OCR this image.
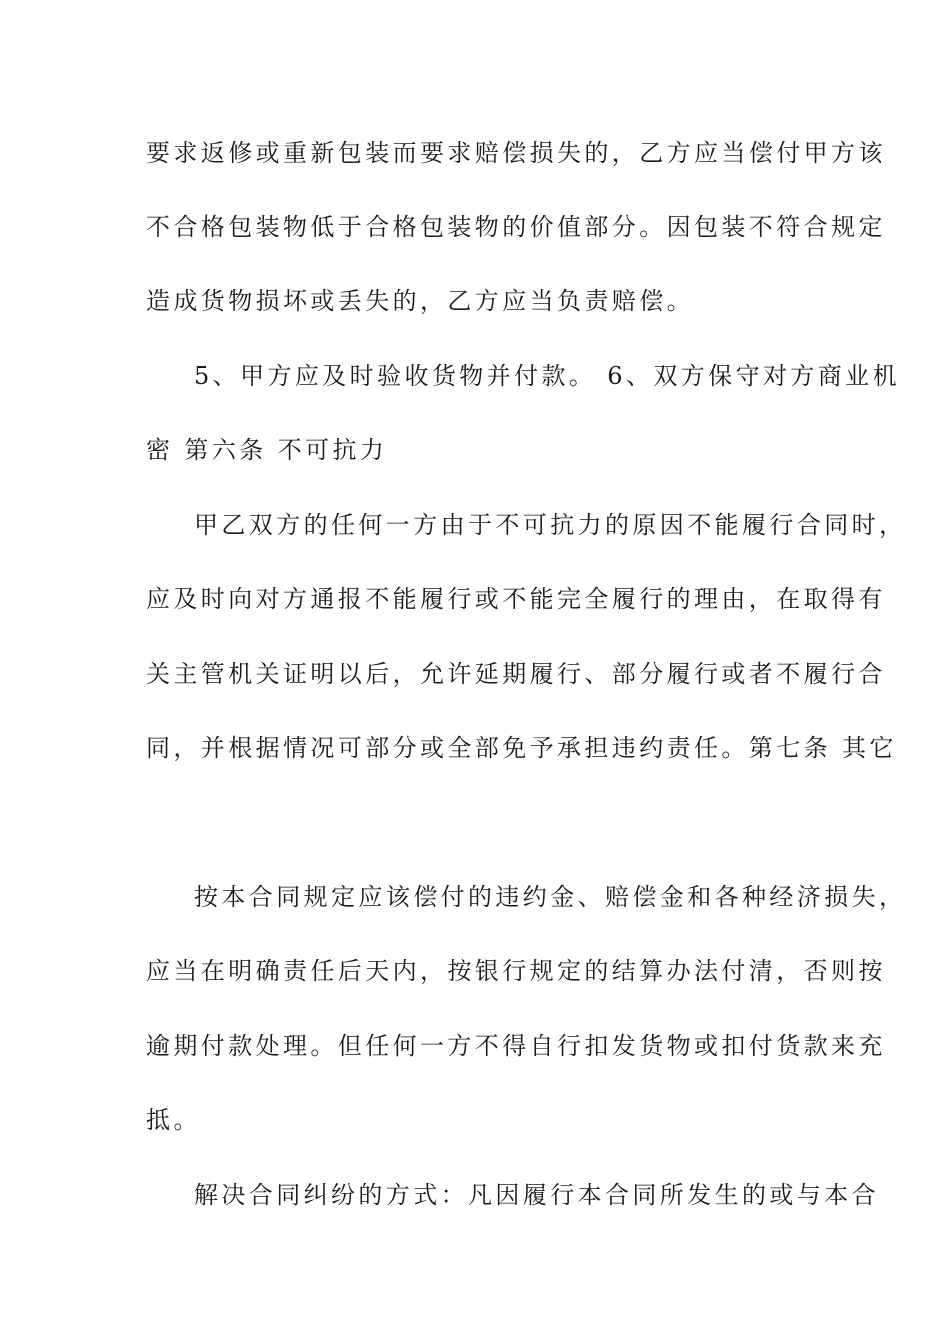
要求返修或重新包装而要求赔偿损失的，乙方应当偿付甲方该

不合格包装物低于合格包装物的价值部分。因包装不符合规定

造成货物损坏或丢失的，乙方应当负责赔偿。

5、甲方应及时验收货物并付款。 6、双方保守对方商业机

密 第六条 不可抗力

甲乙双方的任何一方由于不可抗力的原因不能履行合同时，

应及时向对方通报不能履行或不能完全履行的理由，在取得有

关主管机关证明以后，允许延期履行、部分履行或者不履行合

同，并根据情况可部分或全部免予承担违约责任。第七条 其它

按本合同规定应该偿付的违约金、赔偿金和各种经济损失，

应当在明确责任后天内，按银行规定的结算办法付清，否则按

逾期付款处理。但任何一方不得自行扣发货物或扣付货款来充

抵。

解决合同纠纷的方式：凡因履行本合同所发生的或与本合
